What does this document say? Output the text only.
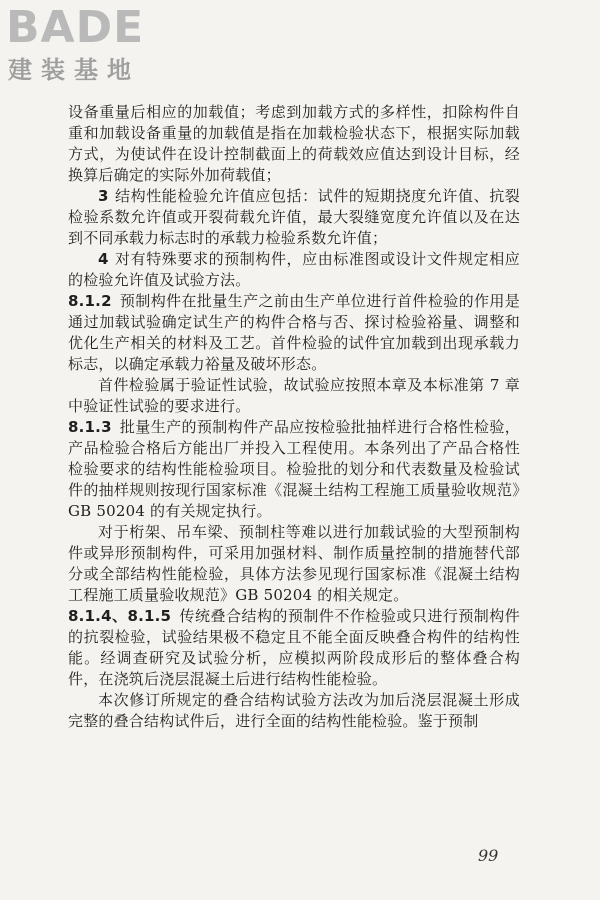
BADE
建装基地

设备重量后相应的加载值；考虑到加载方式的多样性，扣除构件自重和加载设备重量的加载值是指在加载检验状态下，根据实际加载方式，为使试件在设计控制截面上的荷载效应值达到设计目标，经换算后确定的实际外加荷载值；

3 结构性能检验允许值应包括：试件的短期挠度允许值、抗裂检验系数允许值或开裂荷载允许值，最大裂缝宽度允许值以及在达到不同承载力标志时的承载力检验系数允许值；

4 对有特殊要求的预制构件，应由标准图或设计文件规定相应的检验允许值及试验方法。

8.1.2 预制构件在批量生产之前由生产单位进行首件检验的作用是通过加载试验确定试生产的构件合格与否、探讨检验裕量、调整和优化生产相关的材料及工艺。首件检验的试件宜加载到出现承载力标志，以确定承载力裕量及破坏形态。

首件检验属于验证性试验，故试验应按照本章及本标准第 7 章中验证性试验的要求进行。

8.1.3 批量生产的预制构件产品应按检验批抽样进行合格性检验，产品检验合格后方能出厂并投入工程使用。本条列出了产品合格性检验要求的结构性能检验项目。检验批的划分和代表数量及检验试件的抽样规则按现行国家标准《混凝土结构工程施工质量验收规范》GB 50204 的有关规定执行。

对于桁架、吊车梁、预制柱等难以进行加载试验的大型预制构件或异形预制构件，可采用加强材料、制作质量控制的措施替代部分或全部结构性能检验，具体方法参见现行国家标准《混凝土结构工程施工质量验收规范》GB 50204 的相关规定。

8.1.4、8.1.5 传统叠合结构的预制件不作检验或只进行预制构件的抗裂检验，试验结果极不稳定且不能全面反映叠合构件的结构性能。经调查研究及试验分析，应模拟两阶段成形后的整体叠合构件，在浇筑后浇层混凝土后进行结构性能检验。

本次修订所规定的叠合结构试验方法改为加后浇层混凝土形成完整的叠合结构试件后，进行全面的结构性能检验。鉴于预制

99
